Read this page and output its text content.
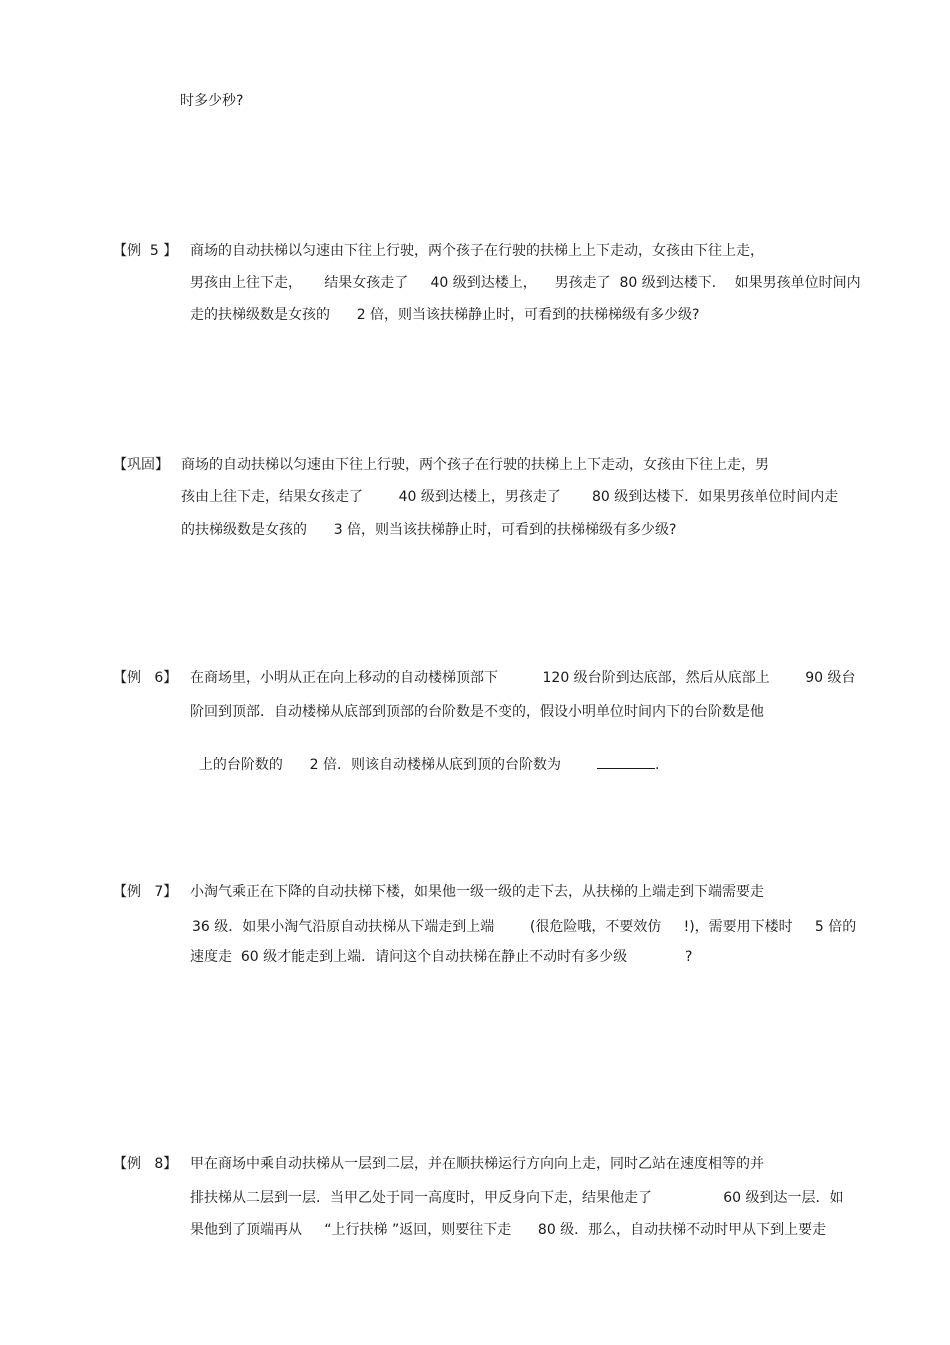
时多少秒?
【例  5 】 商场的自动扶梯以匀速由下往上行驶，两个孩子在行驶的扶梯上上下走动，女孩由下往上走，
男孩由上往下走，     结果女孩走了     40 级到达楼上，    男孩走了  80 级到达楼下．  如果男孩单位时间内
走的扶梯级数是女孩的      2 倍，则当该扶梯静止时，可看到的扶梯梯级有多少级?
【巩固】 商场的自动扶梯以匀速由下往上行驶，两个孩子在行驶的扶梯上上下走动，女孩由下往上走，男
孩由上往下走，结果女孩走了        40 级到达楼上，男孩走了       80 级到达楼下．如果男孩单位时间内走
的扶梯级数是女孩的      3 倍，则当该扶梯静止时，可看到的扶梯梯级有多少级?
【例   6】 在商场里，小明从正在向上移动的自动楼梯顶部下          120 级台阶到达底部，然后从底部上        90 级台
阶回到顶部．自动楼梯从底部到顶部的台阶数是不变的，假设小明单位时间内下的台阶数是他

上的台阶数的      2 倍．则该自动楼梯从底到顶的台阶数为	.

【例   7】 小淘气乘正在下降的自动扶梯下楼，如果他一级一级的走下去，从扶梯的上端走到下端需要走
36 级．如果小淘气沿原自动扶梯从下端走到上端        (很危险哦，不要效仿     !)，需要用下楼时     5 倍的
速度走  60 级才能走到上端．请问这个自动扶梯在静止不动时有多少级             ?
【例   8】 甲在商场中乘自动扶梯从一层到二层，并在顺扶梯运行方向向上走，同时乙站在速度相等的并
排扶梯从二层到一层．当甲乙处于同一高度时，甲反身向下走，结果他走了                60 级到达一层．如
果他到了顶端再从     “上行扶梯 ”返回，则要往下走      80 级．那么，自动扶梯不动时甲从下到上要走
